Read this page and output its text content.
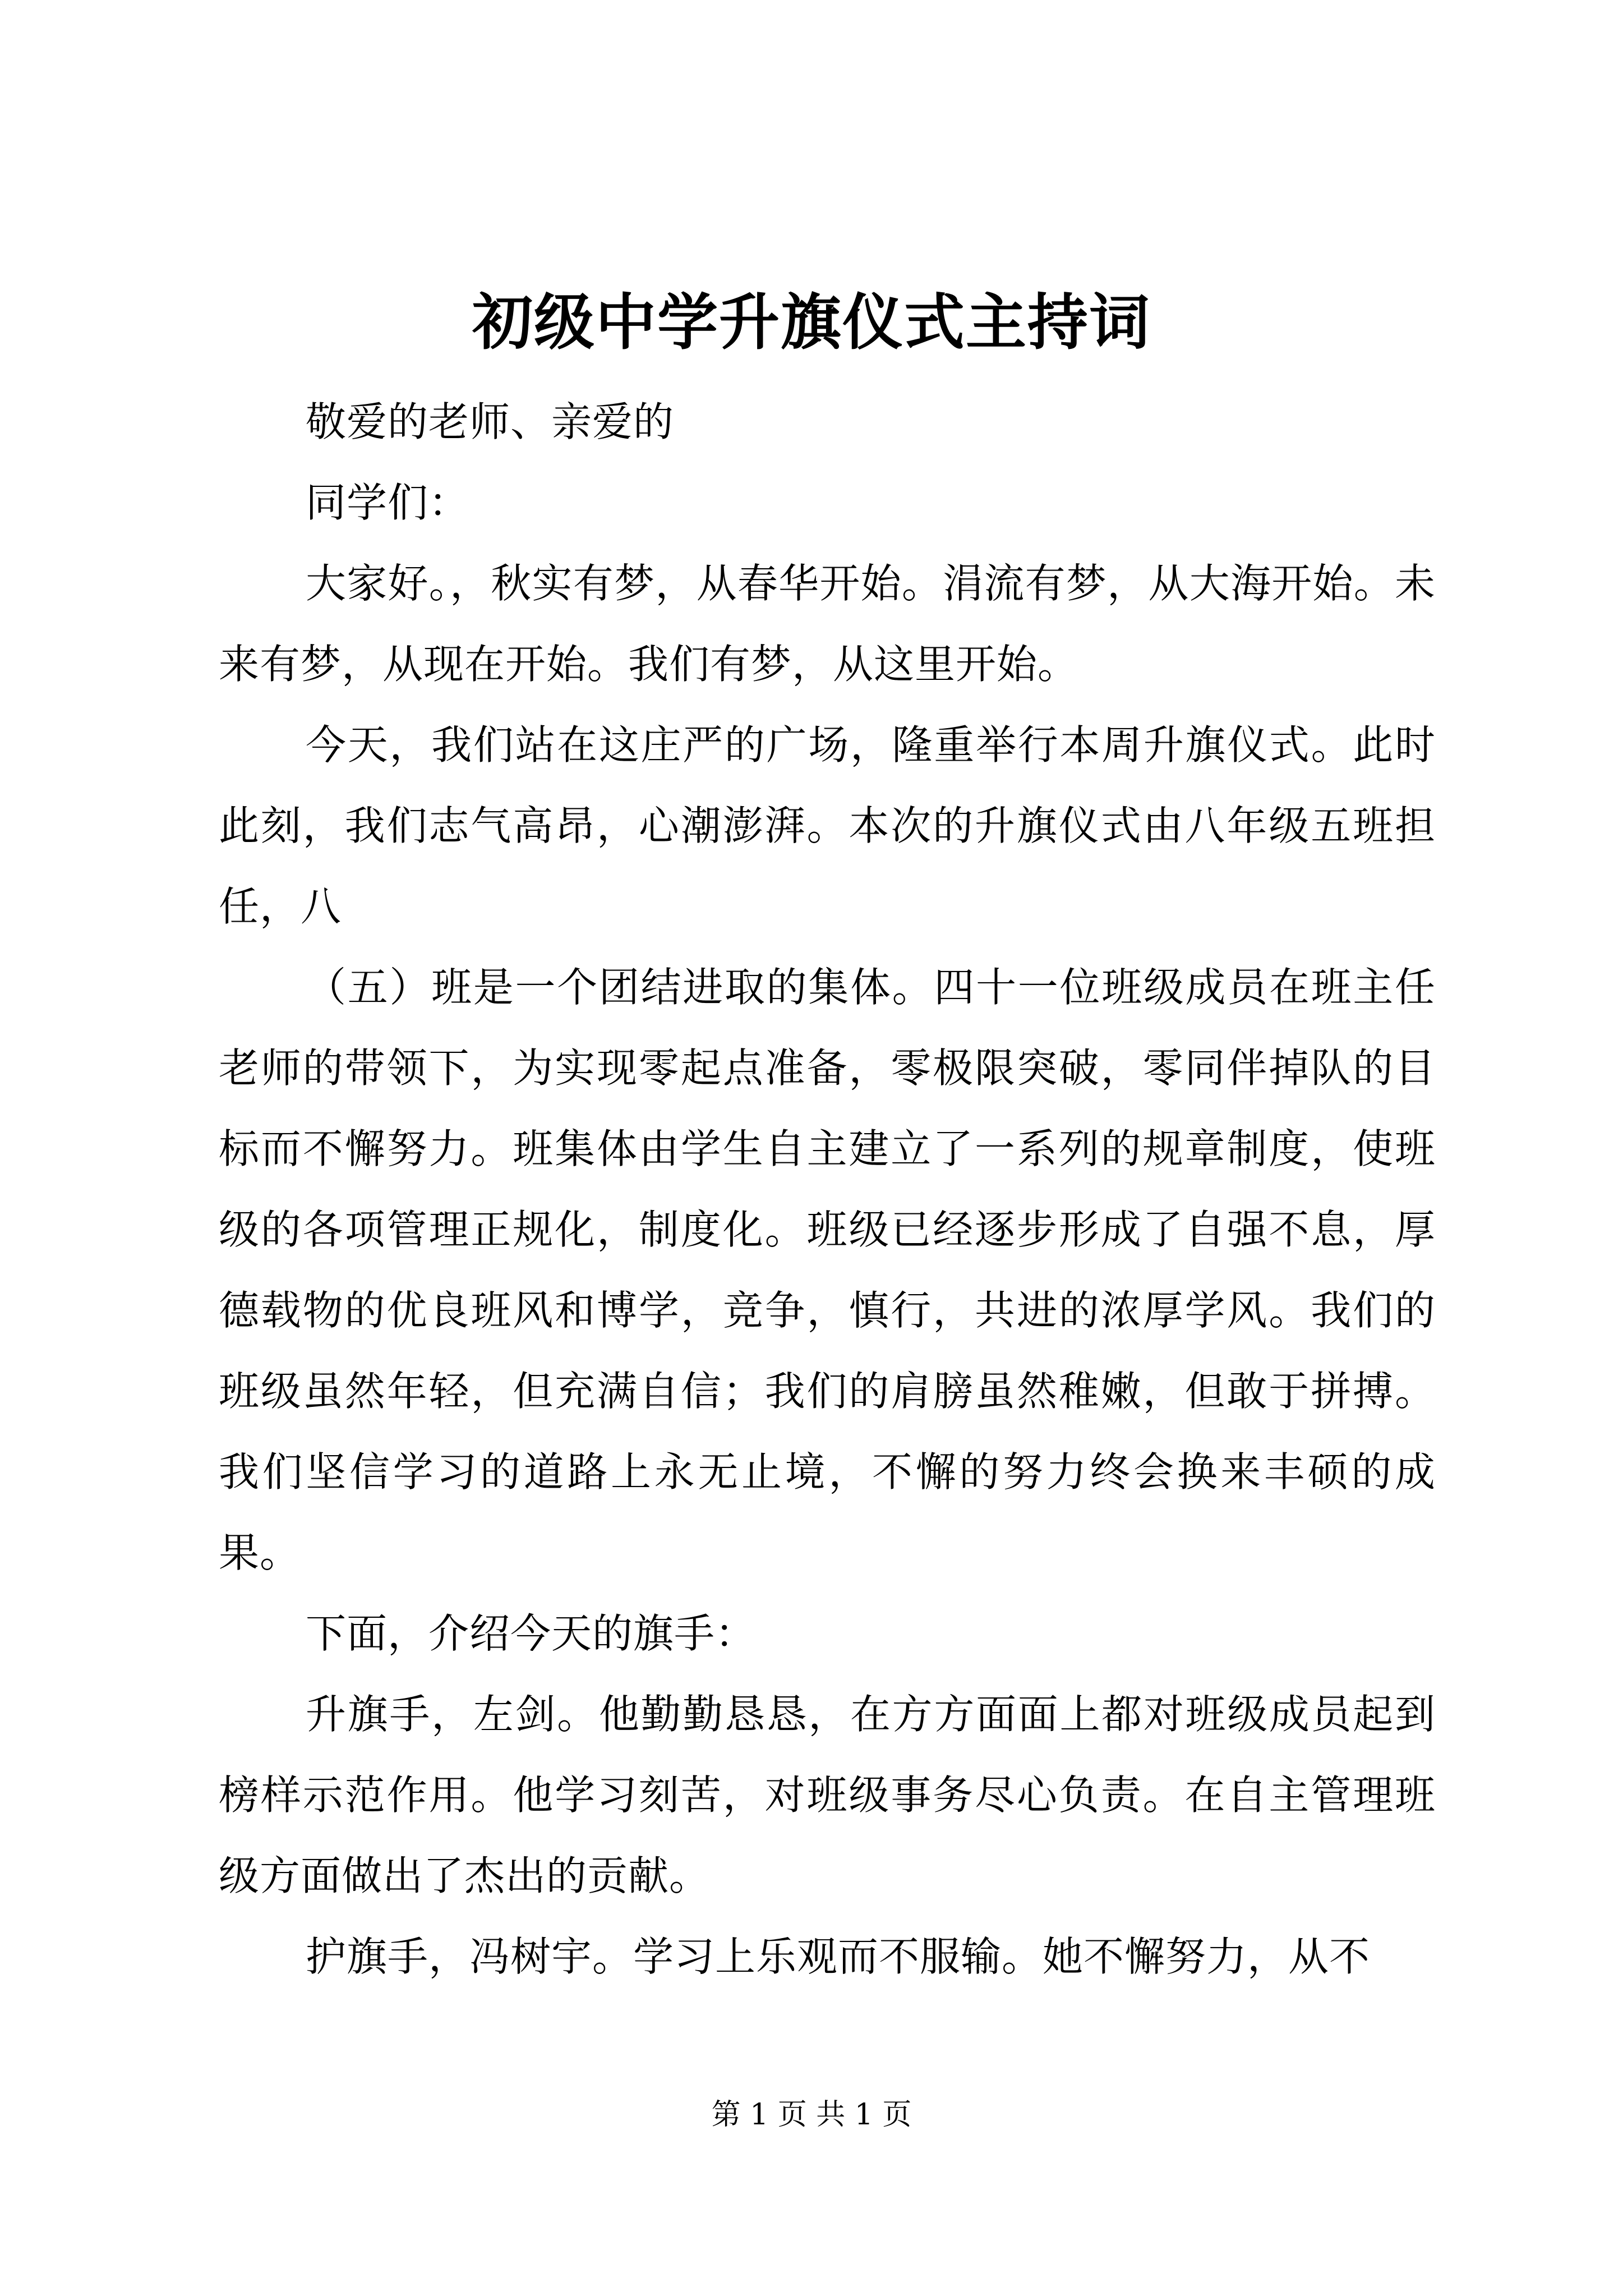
初级中学升旗仪式主持词

敬爱的老师、亲爱的

同学们：

大家好。，秋实有梦，从春华开始。涓流有梦，从大海开始。未来有梦，从现在开始。我们有梦，从这里开始。

今天，我们站在这庄严的广场，隆重举行本周升旗仪式。此时此刻，我们志气高昂，心潮澎湃。本次的升旗仪式由八年级五班担任，八

（五）班是一个团结进取的集体。四十一位班级成员在班主任老师的带领下，为实现零起点准备，零极限突破，零同伴掉队的目标而不懈努力。班集体由学生自主建立了一系列的规章制度，使班级的各项管理正规化，制度化。班级已经逐步形成了自强不息，厚德载物的优良班风和博学，竞争，慎行，共进的浓厚学风。我们的班级虽然年轻，但充满自信；我们的肩膀虽然稚嫩，但敢于拼搏。我们坚信学习的道路上永无止境，不懈的努力终会换来丰硕的成果。

下面，介绍今天的旗手：

升旗手，左剑。他勤勤恳恳，在方方面面上都对班级成员起到榜样示范作用。他学习刻苦，对班级事务尽心负责。在自主管理班级方面做出了杰出的贡献。

护旗手，冯树宇。学习上乐观而不服输。她不懈努力，从不

第 1 页 共 1 页
